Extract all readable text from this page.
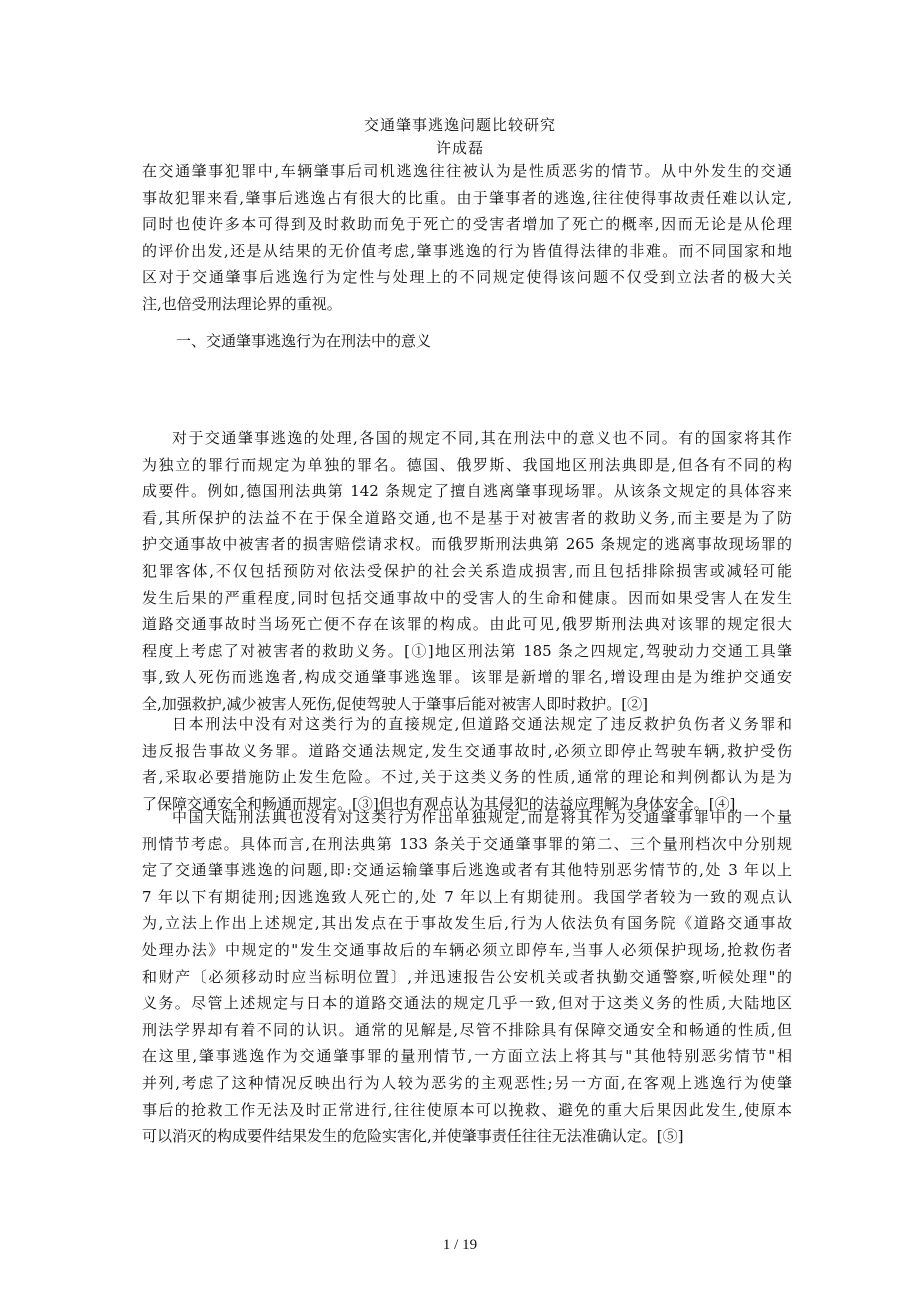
交通肇事逃逸问题比较研究
许成磊
在交通肇事犯罪中,车辆肇事后司机逃逸往往被认为是性质恶劣的情节。从中外发生的交通
事故犯罪来看,肇事后逃逸占有很大的比重。由于肇事者的逃逸,往往使得事故责任难以认定,
同时也使许多本可得到及时救助而免于死亡的受害者增加了死亡的概率,因而无论是从伦理
的评价出发,还是从结果的无价值考虑,肇事逃逸的行为皆值得法律的非难。而不同国家和地
区对于交通肇事后逃逸行为定性与处理上的不同规定使得该问题不仅受到立法者的极大关
注,也倍受刑法理论界的重视。
一、交通肇事逃逸行为在刑法中的意义
对于交通肇事逃逸的处理,各国的规定不同,其在刑法中的意义也不同。有的国家将其作
为独立的罪行而规定为单独的罪名。德国、俄罗斯、我国地区刑法典即是,但各有不同的构
成要件。例如,德国刑法典第 142 条规定了擅自逃离肇事现场罪。从该条文规定的具体容来
看,其所保护的法益不在于保全道路交通,也不是基于对被害者的救助义务,而主要是为了防
护交通事故中被害者的损害赔偿请求权。而俄罗斯刑法典第 265 条规定的逃离事故现场罪的
犯罪客体,不仅包括预防对依法受保护的社会关系造成损害,而且包括排除损害或减轻可能
发生后果的严重程度,同时包括交通事故中的受害人的生命和健康。因而如果受害人在发生
道路交通事故时当场死亡便不存在该罪的构成。由此可见,俄罗斯刑法典对该罪的规定很大
程度上考虑了对被害者的救助义务。[①]地区刑法第 185 条之四规定,驾驶动力交通工具肇
事,致人死伤而逃逸者,构成交通肇事逃逸罪。该罪是新增的罪名,增设理由是为维护交通安
全,加强救护,减少被害人死伤,促使驾驶人于肇事后能对被害人即时救护。[②]
日本刑法中没有对这类行为的直接规定,但道路交通法规定了违反救护负伤者义务罪和
违反报告事故义务罪。道路交通法规定,发生交通事故时,必须立即停止驾驶车辆,救护受伤
者,采取必要措施防止发生危险。不过,关于这类义务的性质,通常的理论和判例都认为是为
了保障交通安全和畅通而规定。[③]但也有观点认为其侵犯的法益应理解为身体安全。[④]
中国大陆刑法典也没有对这类行为作出单独规定,而是将其作为交通肇事罪中的一个量
刑情节考虑。具体而言,在刑法典第 133 条关于交通肇事罪的第二、三个量刑档次中分别规
定了交通肇事逃逸的问题,即:交通运输肇事后逃逸或者有其他特别恶劣情节的,处 3 年以上
7 年以下有期徒刑;因逃逸致人死亡的,处 7 年以上有期徒刑。我国学者较为一致的观点认
为,立法上作出上述规定,其出发点在于事故发生后,行为人依法负有国务院《道路交通事故
处理办法》中规定的"发生交通事故后的车辆必须立即停车,当事人必须保护现场,抢救伤者
和财产〔必须移动时应当标明位置〕,并迅速报告公安机关或者执勤交通警察,听候处理"的
义务。尽管上述规定与日本的道路交通法的规定几乎一致,但对于这类义务的性质,大陆地区
刑法学界却有着不同的认识。通常的见解是,尽管不排除具有保障交通安全和畅通的性质,但
在这里,肇事逃逸作为交通肇事罪的量刑情节,一方面立法上将其与"其他特别恶劣情节"相
并列,考虑了这种情况反映出行为人较为恶劣的主观恶性;另一方面,在客观上逃逸行为使肇
事后的抢救工作无法及时正常进行,往往使原本可以挽救、避免的重大后果因此发生,使原本
可以消灭的构成要件结果发生的危险实害化,并使肇事责任往往无法准确认定。[⑤]
1 / 19
